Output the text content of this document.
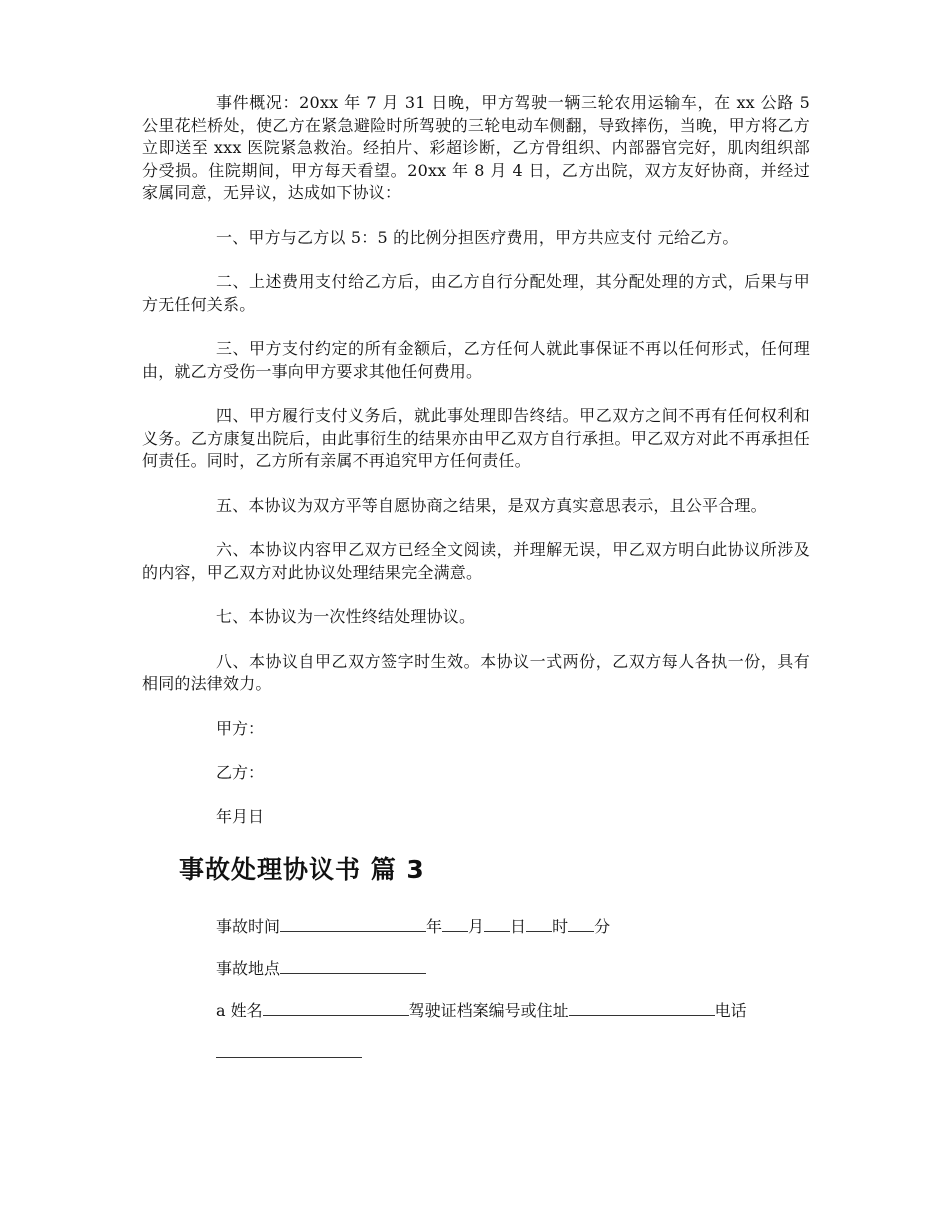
事件概况：20xx 年 7 月 31 日晚，甲方驾驶一辆三轮农用运输车，在 xx 公路 5 公里花栏桥处，使乙方在紧急避险时所驾驶的三轮电动车侧翻，导致摔伤，当晚，甲方将乙方立即送至 xxx 医院紧急救治。经拍片、彩超诊断，乙方骨组织、内部器官完好，肌肉组织部分受损。住院期间，甲方每天看望。20xx 年 8 月 4 日，乙方出院，双方友好协商，并经过家属同意，无异议，达成如下协议：

一、甲方与乙方以 5：5 的比例分担医疗费用，甲方共应支付 元给乙方。

二、上述费用支付给乙方后，由乙方自行分配处理，其分配处理的方式，后果与甲方无任何关系。

三、甲方支付约定的所有金额后，乙方任何人就此事保证不再以任何形式，任何理由，就乙方受伤一事向甲方要求其他任何费用。

四、甲方履行支付义务后，就此事处理即告终结。甲乙双方之间不再有任何权利和义务。乙方康复出院后，由此事衍生的结果亦由甲乙双方自行承担。甲乙双方对此不再承担任何责任。同时，乙方所有亲属不再追究甲方任何责任。

五、本协议为双方平等自愿协商之结果，是双方真实意思表示，且公平合理。

六、本协议内容甲乙双方已经全文阅读，并理解无误，甲乙双方明白此协议所涉及的内容，甲乙双方对此协议处理结果完全满意。

七、本协议为一次性终结处理协议。

八、本协议自甲乙双方签字时生效。本协议一式两份，乙双方每人各执一份，具有相同的法律效力。

甲方：
乙方：
年月日
事故处理协议书 篇 3
事故时间	年 月 日 时 分
事故地点
a 姓名	驾驶证档案编号或住址	电话
